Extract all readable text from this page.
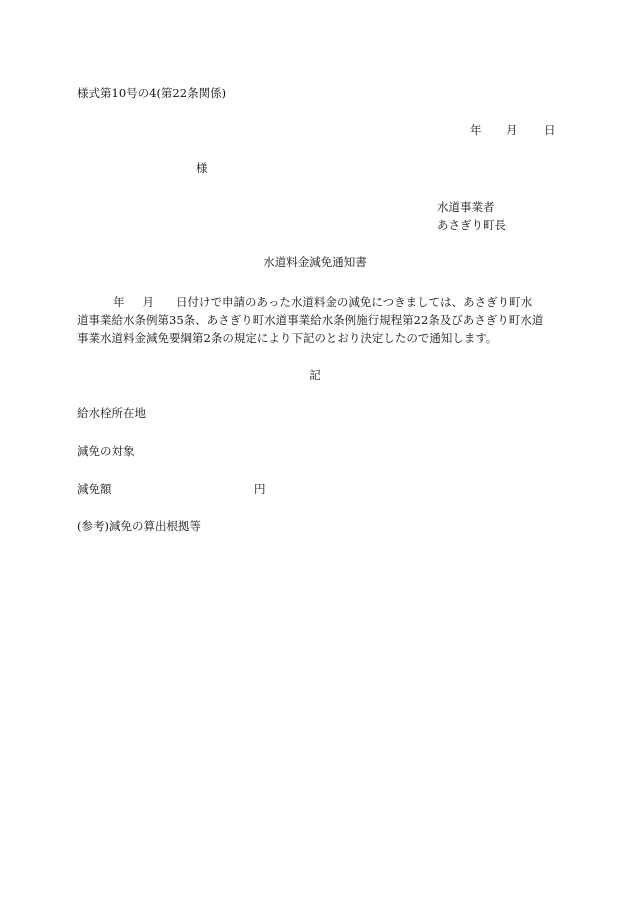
様式第10号の4(第22条関係)
年 月 日
様
水道事業者
あさぎり町長
水道料金減免通知書
年 月 日付けで申請のあった水道料金の減免につきましては、あさぎり町水
道事業給水条例第35条、あさぎり町水道事業給水条例施行規程第22条及びあさぎり町水道
事業水道料金減免要綱第2条の規定により下記のとおり決定したので通知します。
記
給水栓所在地
減免の対象
減免額	円
(参考)減免の算出根拠等
